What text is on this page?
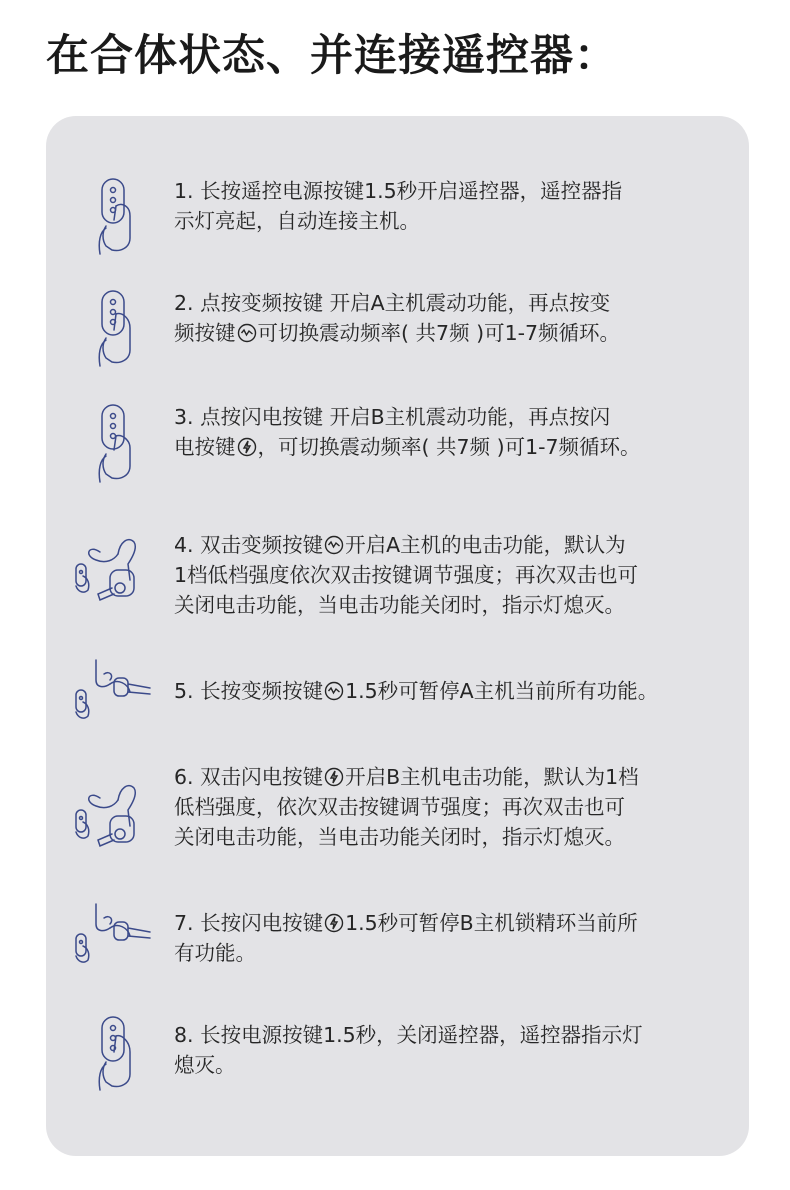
在合体状态、并连接遥控器：
1. 长按遥控电源按键1.5秒开启遥控器，遥控器指
示灯亮起，自动连接主机。
2. 点按变频按键 开启A主机震动功能，再点按变
频按键 可切换震动频率( 共7频 )可1-7频循环。
3. 点按闪电按键 开启B主机震动功能，再点按闪
电按键 ，可切换震动频率( 共7频 )可1-7频循环。
4. 双击变频按键 开启A主机的电击功能，默认为
1档低档强度依次双击按键调节强度；再次双击也可
关闭电击功能，当电击功能关闭时，指示灯熄灭。
5. 长按变频按键 1.5秒可暂停A主机当前所有功能。
6. 双击闪电按键 开启B主机电击功能，默认为1档
低档强度，依次双击按键调节强度；再次双击也可
关闭电击功能，当电击功能关闭时，指示灯熄灭。
7. 长按闪电按键 1.5秒可暂停B主机锁精环当前所
有功能。
8. 长按电源按键1.5秒，关闭遥控器，遥控器指示灯
熄灭。
